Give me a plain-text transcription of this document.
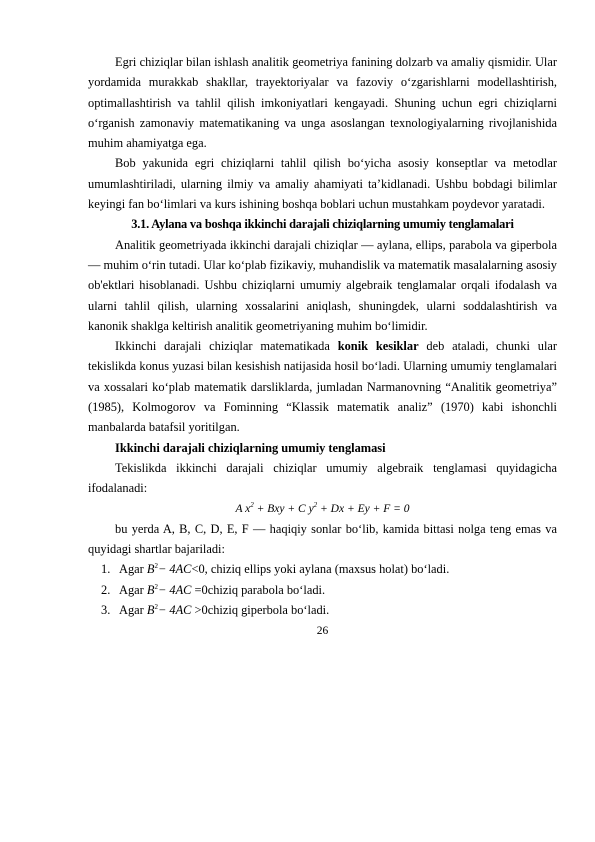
Egri chiziqlar bilan ishlash analitik geometriya fanining dolzarb va amaliy qismidir. Ular yordamida murakkab shakllar, trayektoriyalar va fazoviy o‘zgarishlarni modellashtirish, optimallashtirish va tahlil qilish imkoniyatlari kengayadi. Shuning uchun egri chiziqlarni o‘rganish zamonaviy matematikaning va unga asoslangan texnologiyalarning rivojlanishida muhim ahamiyatga ega.

Bob yakunida egri chiziqlarni tahlil qilish bo‘yicha asosiy konseptlar va metodlar umumlashtiriladi, ularning ilmiy va amaliy ahamiyati ta’kidlanadi. Ushbu bobdagi bilimlar keyingi fan bo‘limlari va kurs ishining boshqa boblari uchun mustahkam poydevor yaratadi.

3.1. Aylana va boshqa ikkinchi darajali chiziqlarning umumiy tenglamalari

Analitik geometriyada ikkinchi darajali chiziqlar — aylana, ellips, parabola va giperbola — muhim o‘rin tutadi. Ular ko‘plab fizikaviy, muhandislik va matematik masalalarning asosiy ob'ektlari hisoblanadi. Ushbu chiziqlarni umumiy algebraik tenglamalar orqali ifodalash va ularni tahlil qilish, ularning xossalarini aniqlash, shuningdek, ularni soddalashtirish va kanonik shaklga keltirish analitik geometriyaning muhim bo‘limidir.

Ikkinchi darajali chiziqlar matematikada konik kesiklar deb ataladi, chunki ular tekislikda konus yuzasi bilan kesishish natijasida hosil bo‘ladi. Ularning umumiy tenglamalari va xossalari ko‘plab matematik darsliklarda, jumladan Narmanovning “Analitik geometriya” (1985), Kolmogorov va Fominning “Klassik matematik analiz” (1970) kabi ishonchli manbalarda batafsil yoritilgan.

Ikkinchi darajali chiziqlarning umumiy tenglamasi

Tekislikda ikkinchi darajali chiziqlar umumiy algebraik tenglamasi quyidagicha ifodalanadi:

A $x^2$ + Bxy + C $y^2 + Dx + Ey + F = 0$

bu yerda A, B, C, D, E, F — haqiqiy sonlar bo‘lib, kamida bittasi nolga teng emas va quyidagi shartlar bajariladi:

1. Agar $B^2- 4AC<0$, chiziq ellips yoki aylana (maxsus holat) bo‘ladi.
2. Agar $B^2- 4AC$ =0chiziq parabola bo‘ladi.
3. Agar $B^2- 4AC$ >0chiziq giperbola bo‘ladi.

26
